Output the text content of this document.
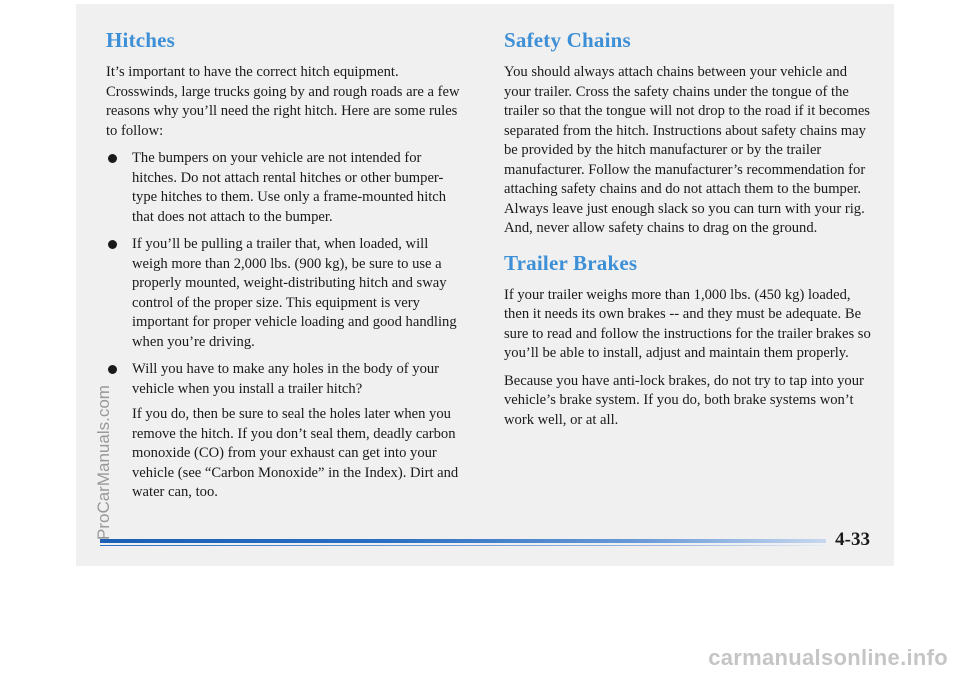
Hitches

It’s important to have the correct hitch equipment. Crosswinds, large trucks going by and rough roads are a few reasons why you’ll need the right hitch. Here are some rules to follow:

The bumpers on your vehicle are not intended for hitches. Do not attach rental hitches or other bumper-type hitches to them. Use only a frame-mounted hitch that does not attach to the bumper.
If you’ll be pulling a trailer that, when loaded, will weigh more than 2,000 lbs. (900 kg), be sure to use a properly mounted, weight-distributing hitch and sway control of the proper size. This equipment is very important for proper vehicle loading and good handling when you’re driving.
Will you have to make any holes in the body of your vehicle when you install a trailer hitch?

If you do, then be sure to seal the holes later when you remove the hitch. If you don’t seal them, deadly carbon monoxide (CO) from your exhaust can get into your vehicle (see “Carbon Monoxide” in the Index). Dirt and water can, too.

Safety Chains

You should always attach chains between your vehicle and your trailer. Cross the safety chains under the tongue of the trailer so that the tongue will not drop to the road if it becomes separated from the hitch. Instructions about safety chains may be provided by the hitch manufacturer or by the trailer manufacturer. Follow the manufacturer’s recommendation for attaching safety chains and do not attach them to the bumper. Always leave just enough slack so you can turn with your rig. And, never allow safety chains to drag on the ground.

Trailer Brakes

If your trailer weighs more than 1,000 lbs. (450 kg) loaded, then it needs its own brakes -- and they must be adequate. Be sure to read and follow the instructions for the trailer brakes so you’ll be able to install, adjust and maintain them properly.

Because you have anti-lock brakes, do not try to tap into your vehicle’s brake system. If you do, both brake systems won’t work well, or at all.

4-33
ProCarManuals.com
carmanualsonline.info
